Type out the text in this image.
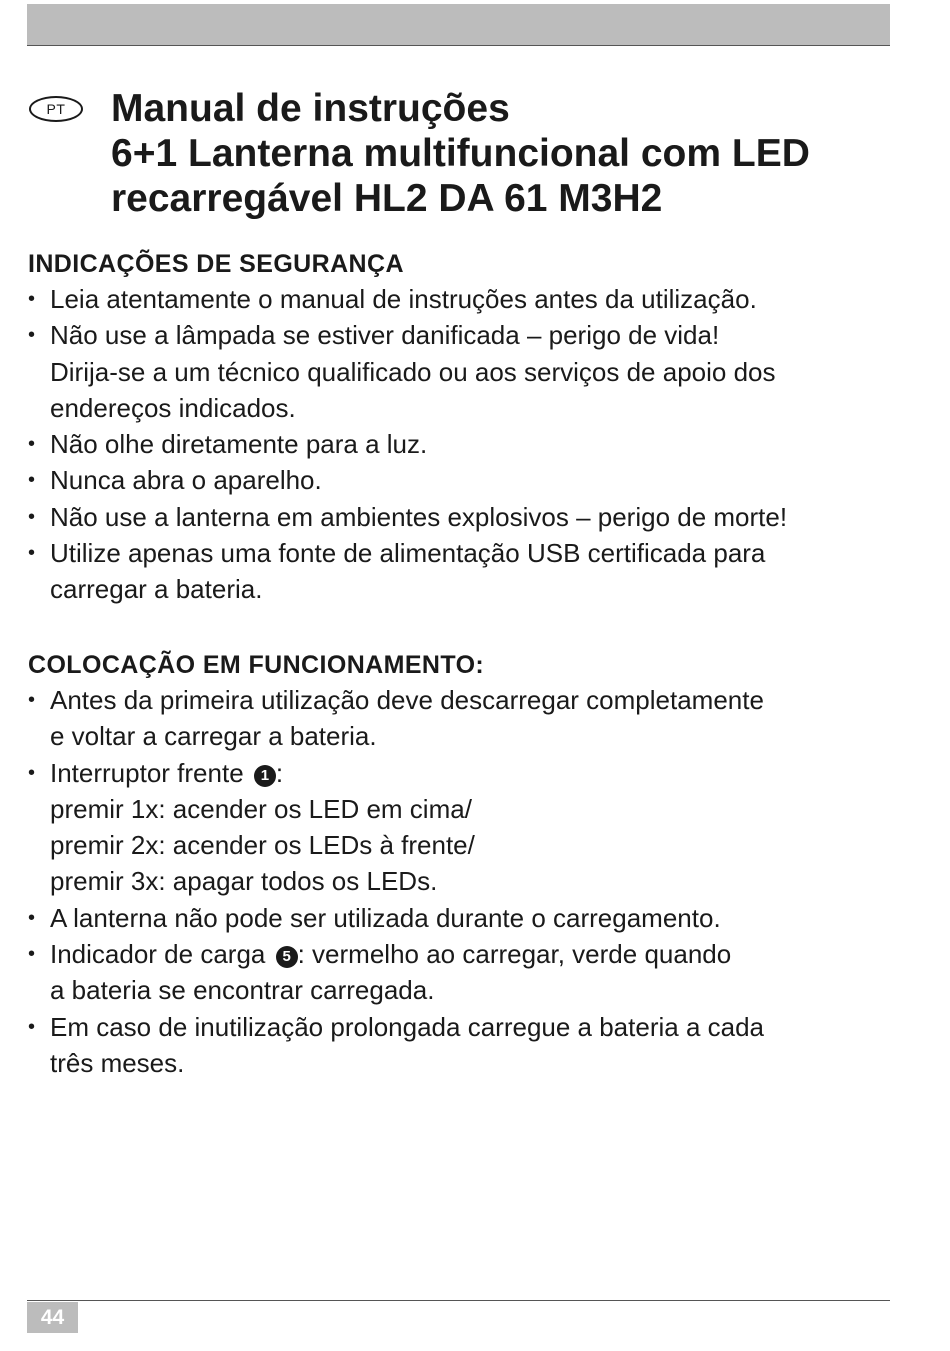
PT	Manual de instruções
6+1 Lanterna multifuncional com LED
recarregável HL2 DA 61 M3H2
INDICAÇÕES DE SEGURANÇA
• Leia atentamente o manual de instruções antes da utilização.
• Não use a lâmpada se estiver danificada – perigo de vida!
Dirija-se a um técnico qualificado ou aos serviços de apoio dos
endereços indicados.
• Não olhe diretamente para a luz.
• Nunca abra o aparelho.
• Não use a lanterna em ambientes explosivos – perigo de morte!
• Utilize apenas uma fonte de alimentação USB certificada para
carregar a bateria.
COLOCAÇÃO EM FUNCIONAMENTO:
• Antes da primeira utilização deve descarregar completamente
e voltar a carregar a bateria.
• Interruptor frente 1 :
premir 1x: acender os LED em cima/
premir 2x: acender os LEDs à frente/
premir 3x: apagar todos os LEDs.
• A lanterna não pode ser utilizada durante o carregamento.
• Indicador de carga 5 : vermelho ao carregar, verde quando
a bateria se encontrar carregada.
• Em caso de inutilização prolongada carregue a bateria a cada
três meses.
44
